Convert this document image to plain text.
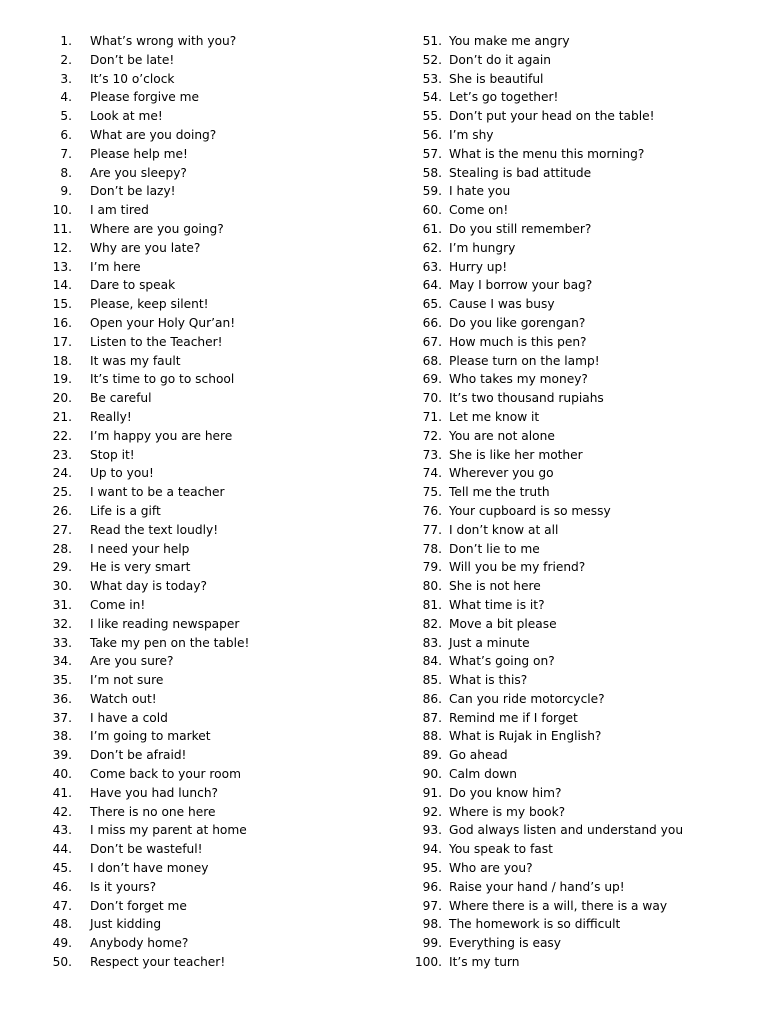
1.	What’s wrong with you?
2.	Don’t be late!
3.	It’s 10 o’clock
4.	Please forgive me
5.	Look at me!
6.	What are you doing?
7.	Please help me!
8.	Are you sleepy?
9.	Don’t be lazy!
10.	I am tired
11.	Where are you going?
12.	Why are you late?
13.	I’m here
14.	Dare to speak
15.	Please, keep silent!
16.	Open your Holy Qur’an!
17.	Listen to the Teacher!
18.	It was my fault
19.	It’s time to go to school
20.	Be careful
21.	Really!
22.	I’m happy you are here
23.	Stop it!
24.	Up to you!
25.	I want to be a teacher
26.	Life is a gift
27.	Read the text loudly!
28.	I need your help
29.	He is very smart
30.	What day is today?
31.	Come in!
32.	I like reading newspaper
33.	Take my pen on the table!
34.	Are you sure?
35.	I’m not sure
36.	Watch out!
37.	I have a cold
38.	I’m going to market
39.	Don’t be afraid!
40.	Come back to your room
41.	Have you had lunch?
42.	There is no one here
43.	I miss my parent at home
44.	Don’t be wasteful!
45.	I don’t have money
46.	Is it yours?
47.	Don’t forget me
48.	Just kidding
49.	Anybody home?
50.	Respect your teacher!
51. You make me angry
52. Don’t do it again
53. She is beautiful
54. Let’s go together!
55. Don’t put your head on the table!
56. I’m shy
57. What is the menu this morning?
58. Stealing is bad attitude
59. I hate you
60. Come on!
61. Do you still remember?
62. I’m hungry
63. Hurry up!
64. May I borrow your bag?
65. Cause I was busy
66. Do you like gorengan?
67. How much is this pen?
68. Please turn on the lamp!
69. Who takes my money?
70. It’s two thousand rupiahs
71. Let me know it
72. You are not alone
73. She is like her mother
74. Wherever you go
75. Tell me the truth
76. Your cupboard is so messy
77. I don’t know at all
78. Don’t lie to me
79. Will you be my friend?
80. She is not here
81. What time is it?
82. Move a bit please
83. Just a minute
84. What’s going on?
85. What is this?
86. Can you ride motorcycle?
87. Remind me if I forget
88. What is Rujak in English?
89. Go ahead
90. Calm down
91. Do you know him?
92. Where is my book?
93. God always listen and understand you
94. You speak to fast
95. Who are you?
96. Raise your hand / hand’s up!
97. Where there is a will, there is a way
98. The homework is so difficult
99. Everything is easy
100. It’s my turn
